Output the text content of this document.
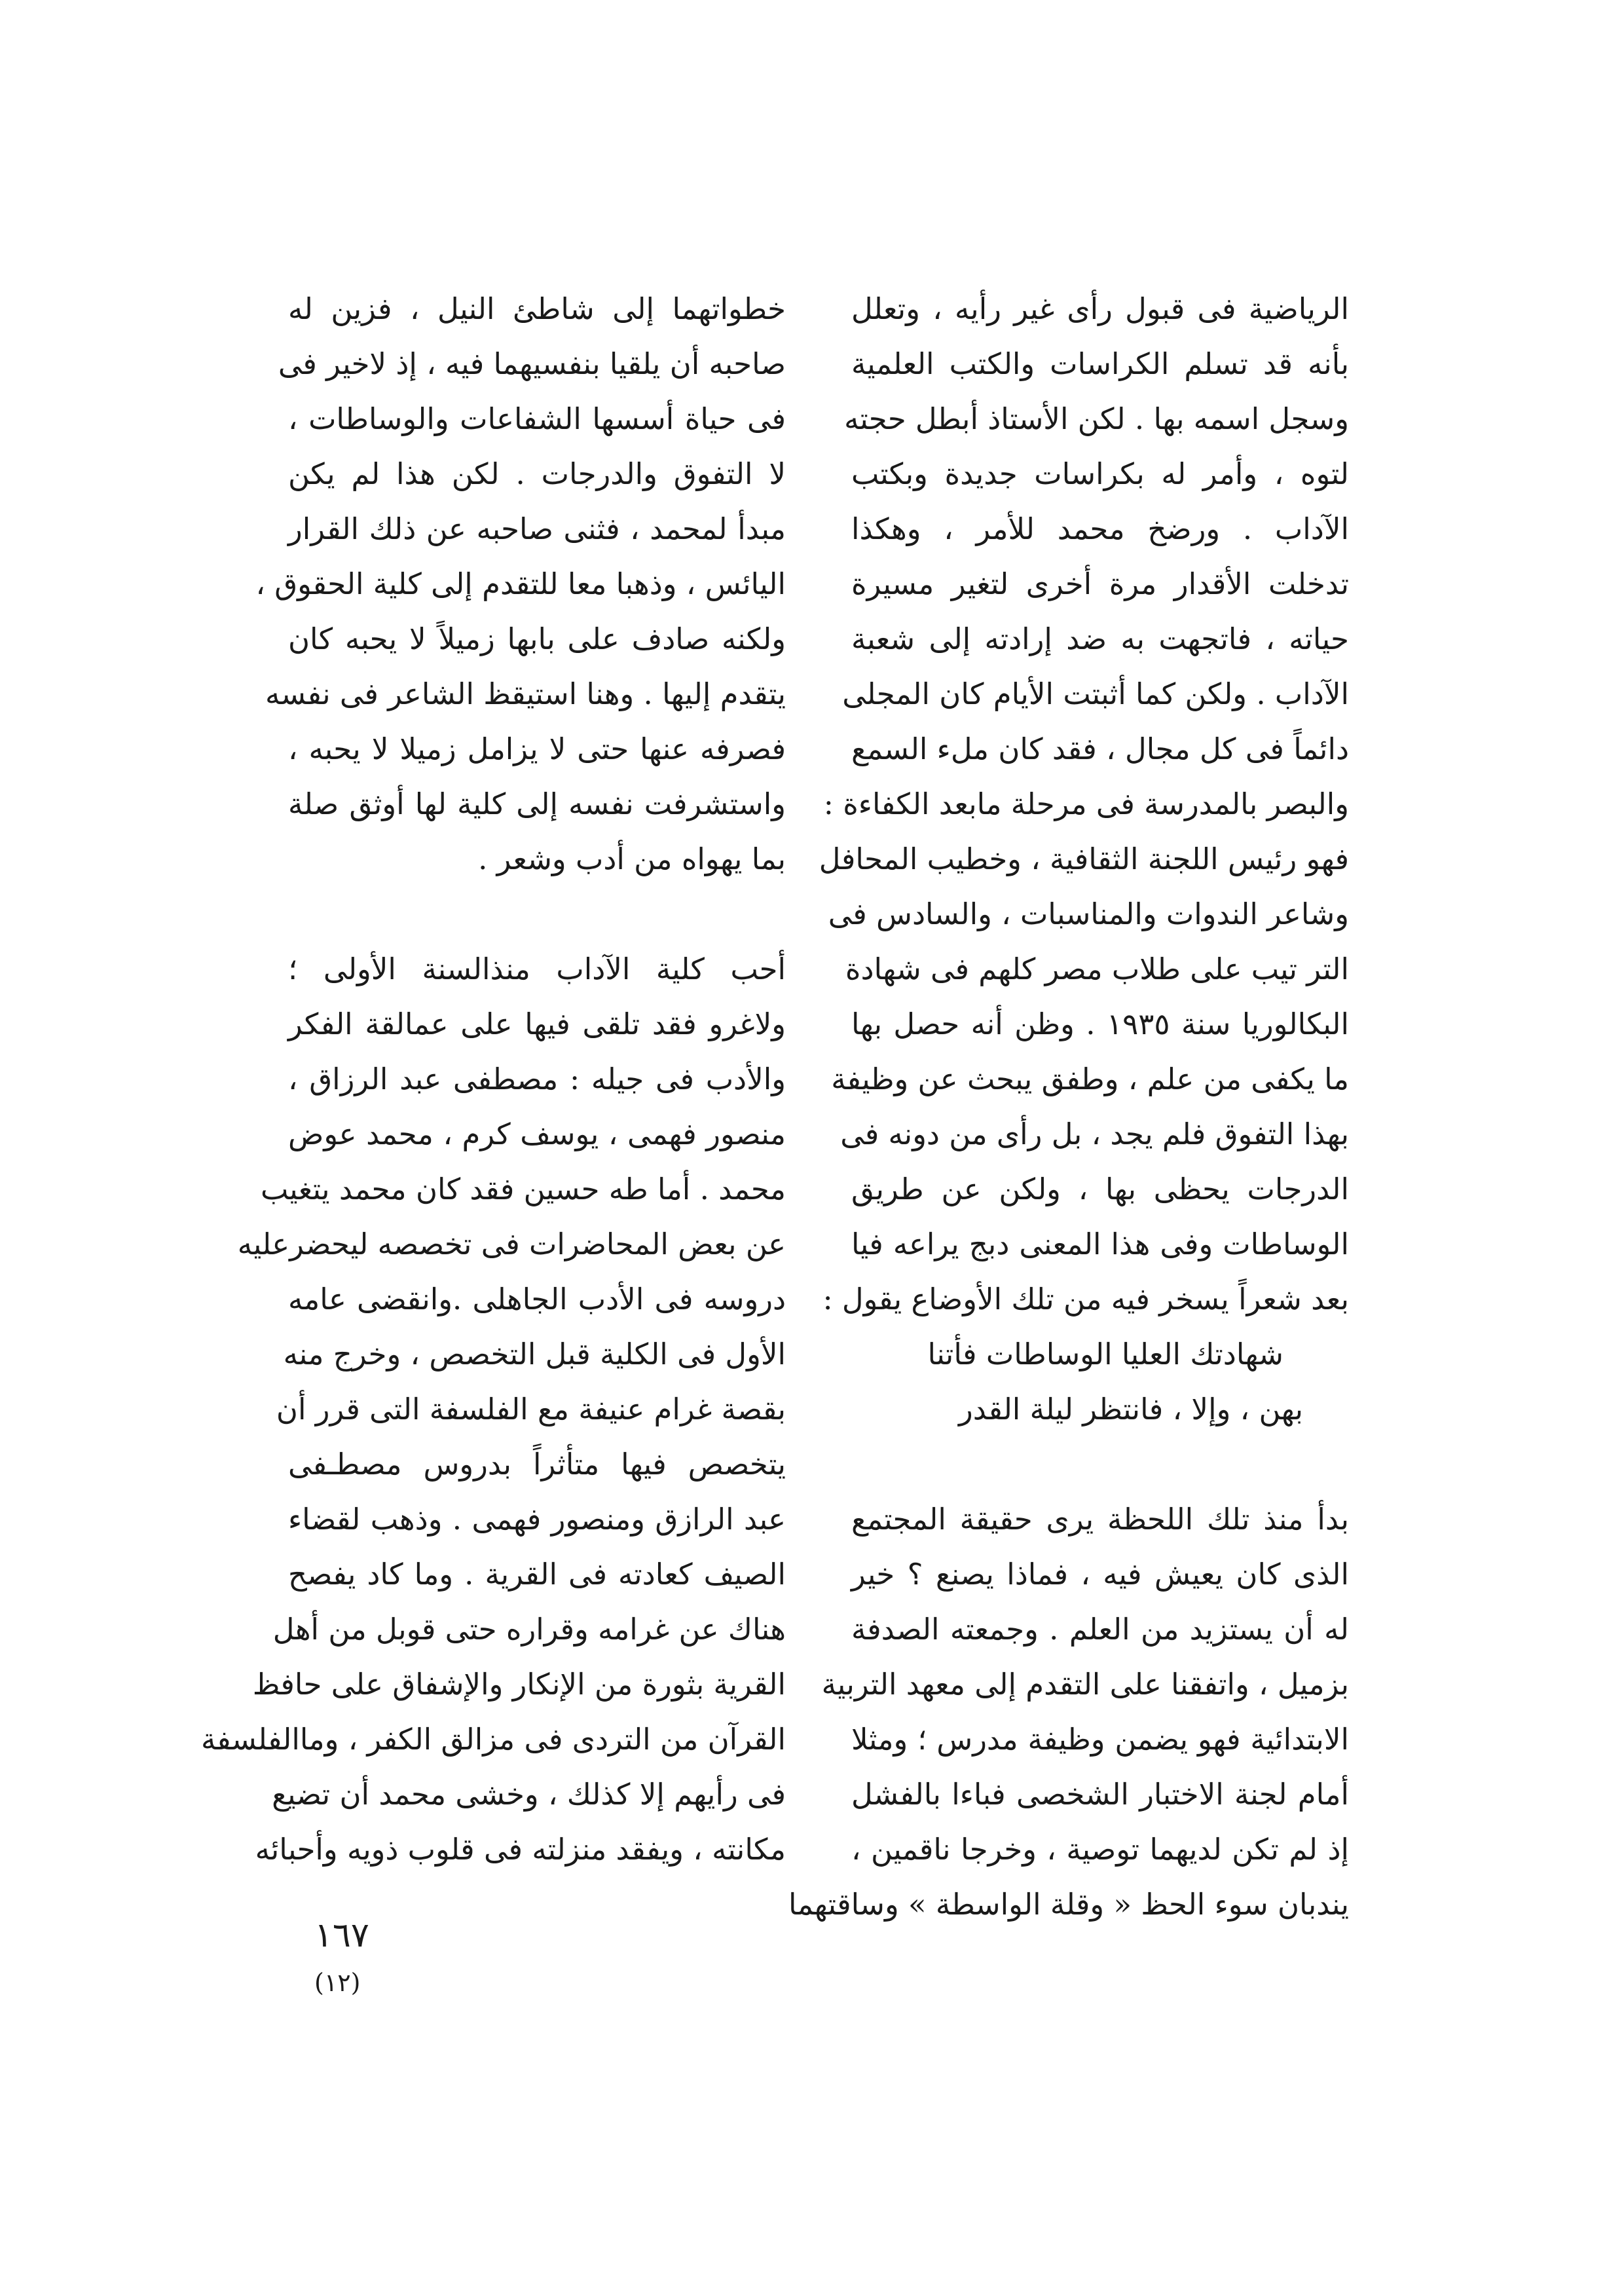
الرياضية فى قبول رأى غير رأيه ، وتعلل
بأنه قد تسلم الكراسات والكتب العلمية
وسجل اسمه بها . لكن الأستاذ أبطل حجته
لتوه ، وأمر له بكراسات جديدة وبكتب
الآداب . ورضخ محمد للأمر ، وهكذا
تدخلت الأقدار مرة أخرى لتغير مسيرة
حياته ، فاتجهت به ضد إرادته إلى شعبة
الآداب . ولكن كما أثبتت الأيام كان المجلى
دائماً فى كل مجال ، فقد كان ملء السمع
والبصر بالمدرسة فى مرحلة مابعد الكفاءة :
فهو رئيس اللجنة الثقافية ، وخطيب المحافل
وشاعر الندوات والمناسبات ، والسادس فى
التر تيب على طلاب مصر كلهم فى شهادة
البكالوريا سنة ١٩٣٥ . وظن أنه حصل بها
ما يكفى من علم ، وطفق يبحث عن وظيفة
بهذا التفوق فلم يجد ، بل رأى من دونه فى
الدرجات يحظى بها ، ولكن عن طريق
الوساطات وفى هذا المعنى دبج يراعه فيا
بعد شعراً يسخر فيه من تلك الأوضاع يقول :
شهادتك العليا الوساطات فأتنا
بهن ، وإلا ، فانتظر ليلة القدر
بدأ منذ تلك اللحظة يرى حقيقة المجتمع
الذى كان يعيش فيه ، فماذا يصنع ؟ خير
له أن يستزيد من العلم . وجمعته الصدفة
بزميل ، واتفقنا على التقدم إلى معهد التربية
الابتدائية فهو يضمن وظيفة مدرس ؛ ومثلا
أمام لجنة الاختبار الشخصى فباءا بالفشل
إذ لم تكن لديهما توصية ، وخرجا ناقمين ،
يندبان سوء الحظ « وقلة الواسطة » وساقتهما
خطواتهما إلى شاطئ النيل ، فزين له
صاحبه أن يلقيا بنفسيهما فيه ، إذ لاخير فى
فى حياة أسسها الشفاعات والوساطات ،
لا التفوق والدرجات . لكن هذا لم يكن
مبدأ لمحمد ، فثنى صاحبه عن ذلك القرار
اليائس ، وذهبا معا للتقدم إلى كلية الحقوق ،
ولكنه صادف على بابها زميلاً لا يحبه كان
يتقدم إليها . وهنا استيقظ الشاعر فى نفسه
فصرفه عنها حتى لا يزامل زميلا لا يحبه ،
واستشرفت نفسه إلى كلية لها أوثق صلة
بما يهواه من أدب وشعر .
أحب كلية الآداب منذالسنة الأولى ؛
ولاغرو فقد تلقى فيها على عمالقة الفكر
والأدب فى جيله : مصطفى عبد الرزاق ،
منصور فهمى ، يوسف كرم ، محمد عوض
محمد . أما طه حسين فقد كان محمد يتغيب
عن بعض المحاضرات فى تخصصه ليحضرعليه
دروسه فى الأدب الجاهلى .وانقضى عامه
الأول فى الكلية قبل التخصص ، وخرج منه
بقصة غرام عنيفة مع الفلسفة التى قرر أن
يتخصص فيها متأثراً بدروس مصطـفى
عبد الرازق ومنصور فهمى . وذهب لقضاء
الصيف كعادته فى القرية . وما كاد يفصح
هناك عن غرامه وقراره حتى قوبل من أهل
القرية بثورة من الإنكار والإشفاق على حافظ
القرآن من التردى فى مزالق الكفر ، وماالفلسفة
فى رأيهم إلا كذلك ، وخشى محمد أن تضيع
مكانته ، ويفقد منزلته فى قلوب ذويه وأحبائه
١٦٧
(١٢)
